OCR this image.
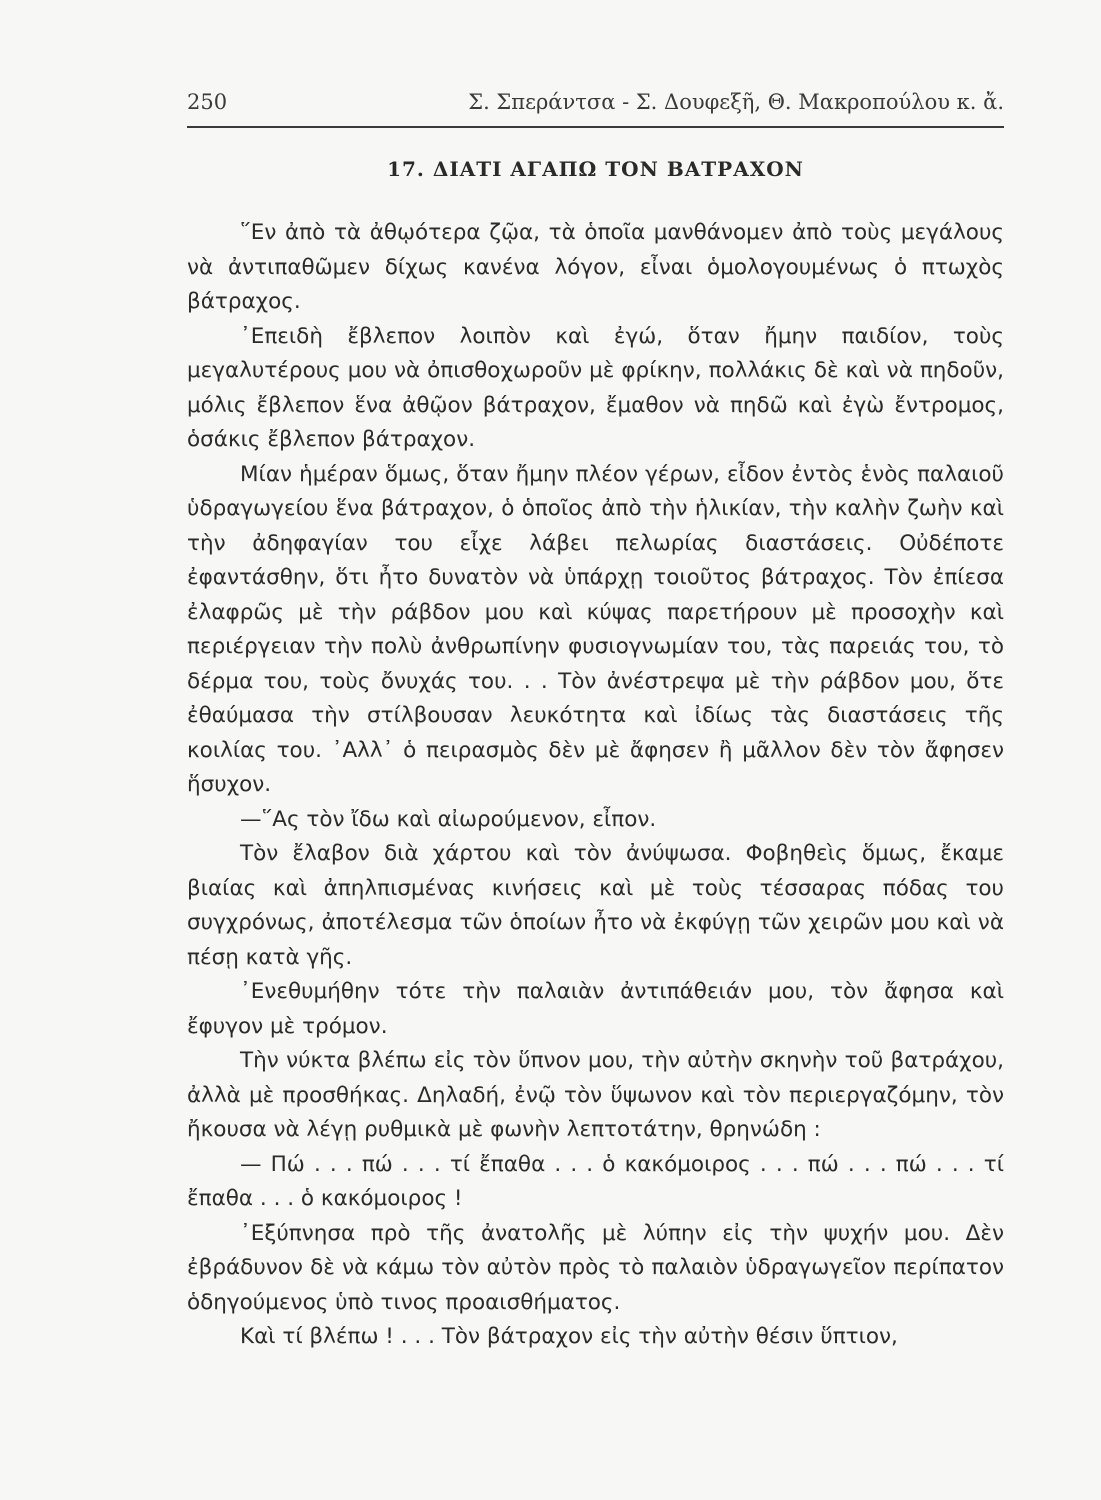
250	Σ. Σπεράντσα - Σ. Δουφεξῆ, Θ. Μακροπούλου κ. ἄ.
17. ΔΙΑΤΙ ΑΓΑΠΩ ΤΟΝ ΒΑΤΡΑΧΟΝ

῞Εν ἀπὸ τὰ ἀθῳότερα ζῷα, τὰ ὁποῖα μανθάνομεν ἀπὸ τοὺς μεγάλους νὰ ἀντιπαθῶμεν δίχως κανένα λόγον, εἶναι ὁμολογουμένως ὁ πτωχὸς βάτραχος.

᾽Επειδὴ ἔβλεπον λοιπὸν καὶ ἐγώ, ὅταν ἤμην παιδίον, τοὺς μεγαλυτέρους μου νὰ ὀπισθοχωροῦν μὲ φρίκην, πολλάκις δὲ καὶ νὰ πηδοῦν, μόλις ἔβλεπον ἕνα ἀθῷον βάτραχον, ἔμαθον νὰ πηδῶ καὶ ἐγὼ ἔντρομος, ὁσάκις ἔβλεπον βάτραχον.

Μίαν ἡμέραν ὅμως, ὅταν ἤμην πλέον γέρων, εἶδον ἐντὸς ἑνὸς παλαιοῦ ὑδραγωγείου ἕνα βάτραχον, ὁ ὁποῖος ἀπὸ τὴν ἡλικίαν, τὴν καλὴν ζωὴν καὶ τὴν ἀδηφαγίαν του εἶχε λάβει πελωρίας διαστάσεις. Οὐδέποτε ἐφαντάσθην, ὅτι ἦτο δυνατὸν νὰ ὑπάρχῃ τοιοῦτος βάτραχος. Τὸν ἐπίεσα ἐλαφρῶς μὲ τὴν ράβδον μου καὶ κύψας παρετήρουν μὲ προσοχὴν καὶ περιέργειαν τὴν πολὺ ἀνθρωπίνην φυσιογνωμίαν του, τὰς παρειάς του, τὸ δέρμα του, τοὺς ὄνυχάς του. . . Τὸν ἀνέστρεψα μὲ τὴν ράβδον μου, ὅτε ἐθαύμασα τὴν στίλβουσαν λευκότητα καὶ ἰδίως τὰς διαστάσεις τῆς κοιλίας του. ᾽Αλλ᾽ ὁ πειρασμὸς δὲν μὲ ἄφησεν ἢ μᾶλλον δὲν τὸν ἄφησεν ἥσυχον.

—῞Ας τὸν ἴδω καὶ αἰωρούμενον, εἶπον.

Τὸν ἔλαβον διὰ χάρτου καὶ τὸν ἀνύψωσα. Φοβηθεὶς ὅμως, ἔκαμε βιαίας καὶ ἀπηλπισμένας κινήσεις καὶ μὲ τοὺς τέσσαρας πόδας του συγχρόνως, ἀποτέλεσμα τῶν ὁποίων ἦτο νὰ ἐκφύγῃ τῶν χειρῶν μου καὶ νὰ πέσῃ κατὰ γῆς.

᾽Ενεθυμήθην τότε τὴν παλαιὰν ἀντιπάθειάν μου, τὸν ἄφησα καὶ ἔφυγον μὲ τρόμον.

Τὴν νύκτα βλέπω εἰς τὸν ὕπνον μου, τὴν αὐτὴν σκηνὴν τοῦ βατράχου, ἀλλὰ μὲ προσθήκας. Δηλαδή, ἐνῷ τὸν ὕψωνον καὶ τὸν περιεργαζόμην, τὸν ἤκουσα νὰ λέγῃ ρυθμικὰ μὲ φωνὴν λεπτοτάτην, θρηνώδη :

— Πώ . . . πώ . . . τί ἔπαθα . . . ὁ κακόμοιρος . . . πώ . . . πώ . . . τί ἔπαθα . . . ὁ κακόμοιρος !

᾽Εξύπνησα πρὸ τῆς ἀνατολῆς μὲ λύπην εἰς τὴν ψυχήν μου. Δὲν ἐβράδυνον δὲ νὰ κάμω τὸν αὐτὸν πρὸς τὸ παλαιὸν ὑδραγωγεῖον περίπατον ὁδηγούμενος ὑπὸ τινος προαισθήματος.

Καὶ τί βλέπω ! . . . Τὸν βάτραχον εἰς τὴν αὐτὴν θέσιν ὕπτιον,
